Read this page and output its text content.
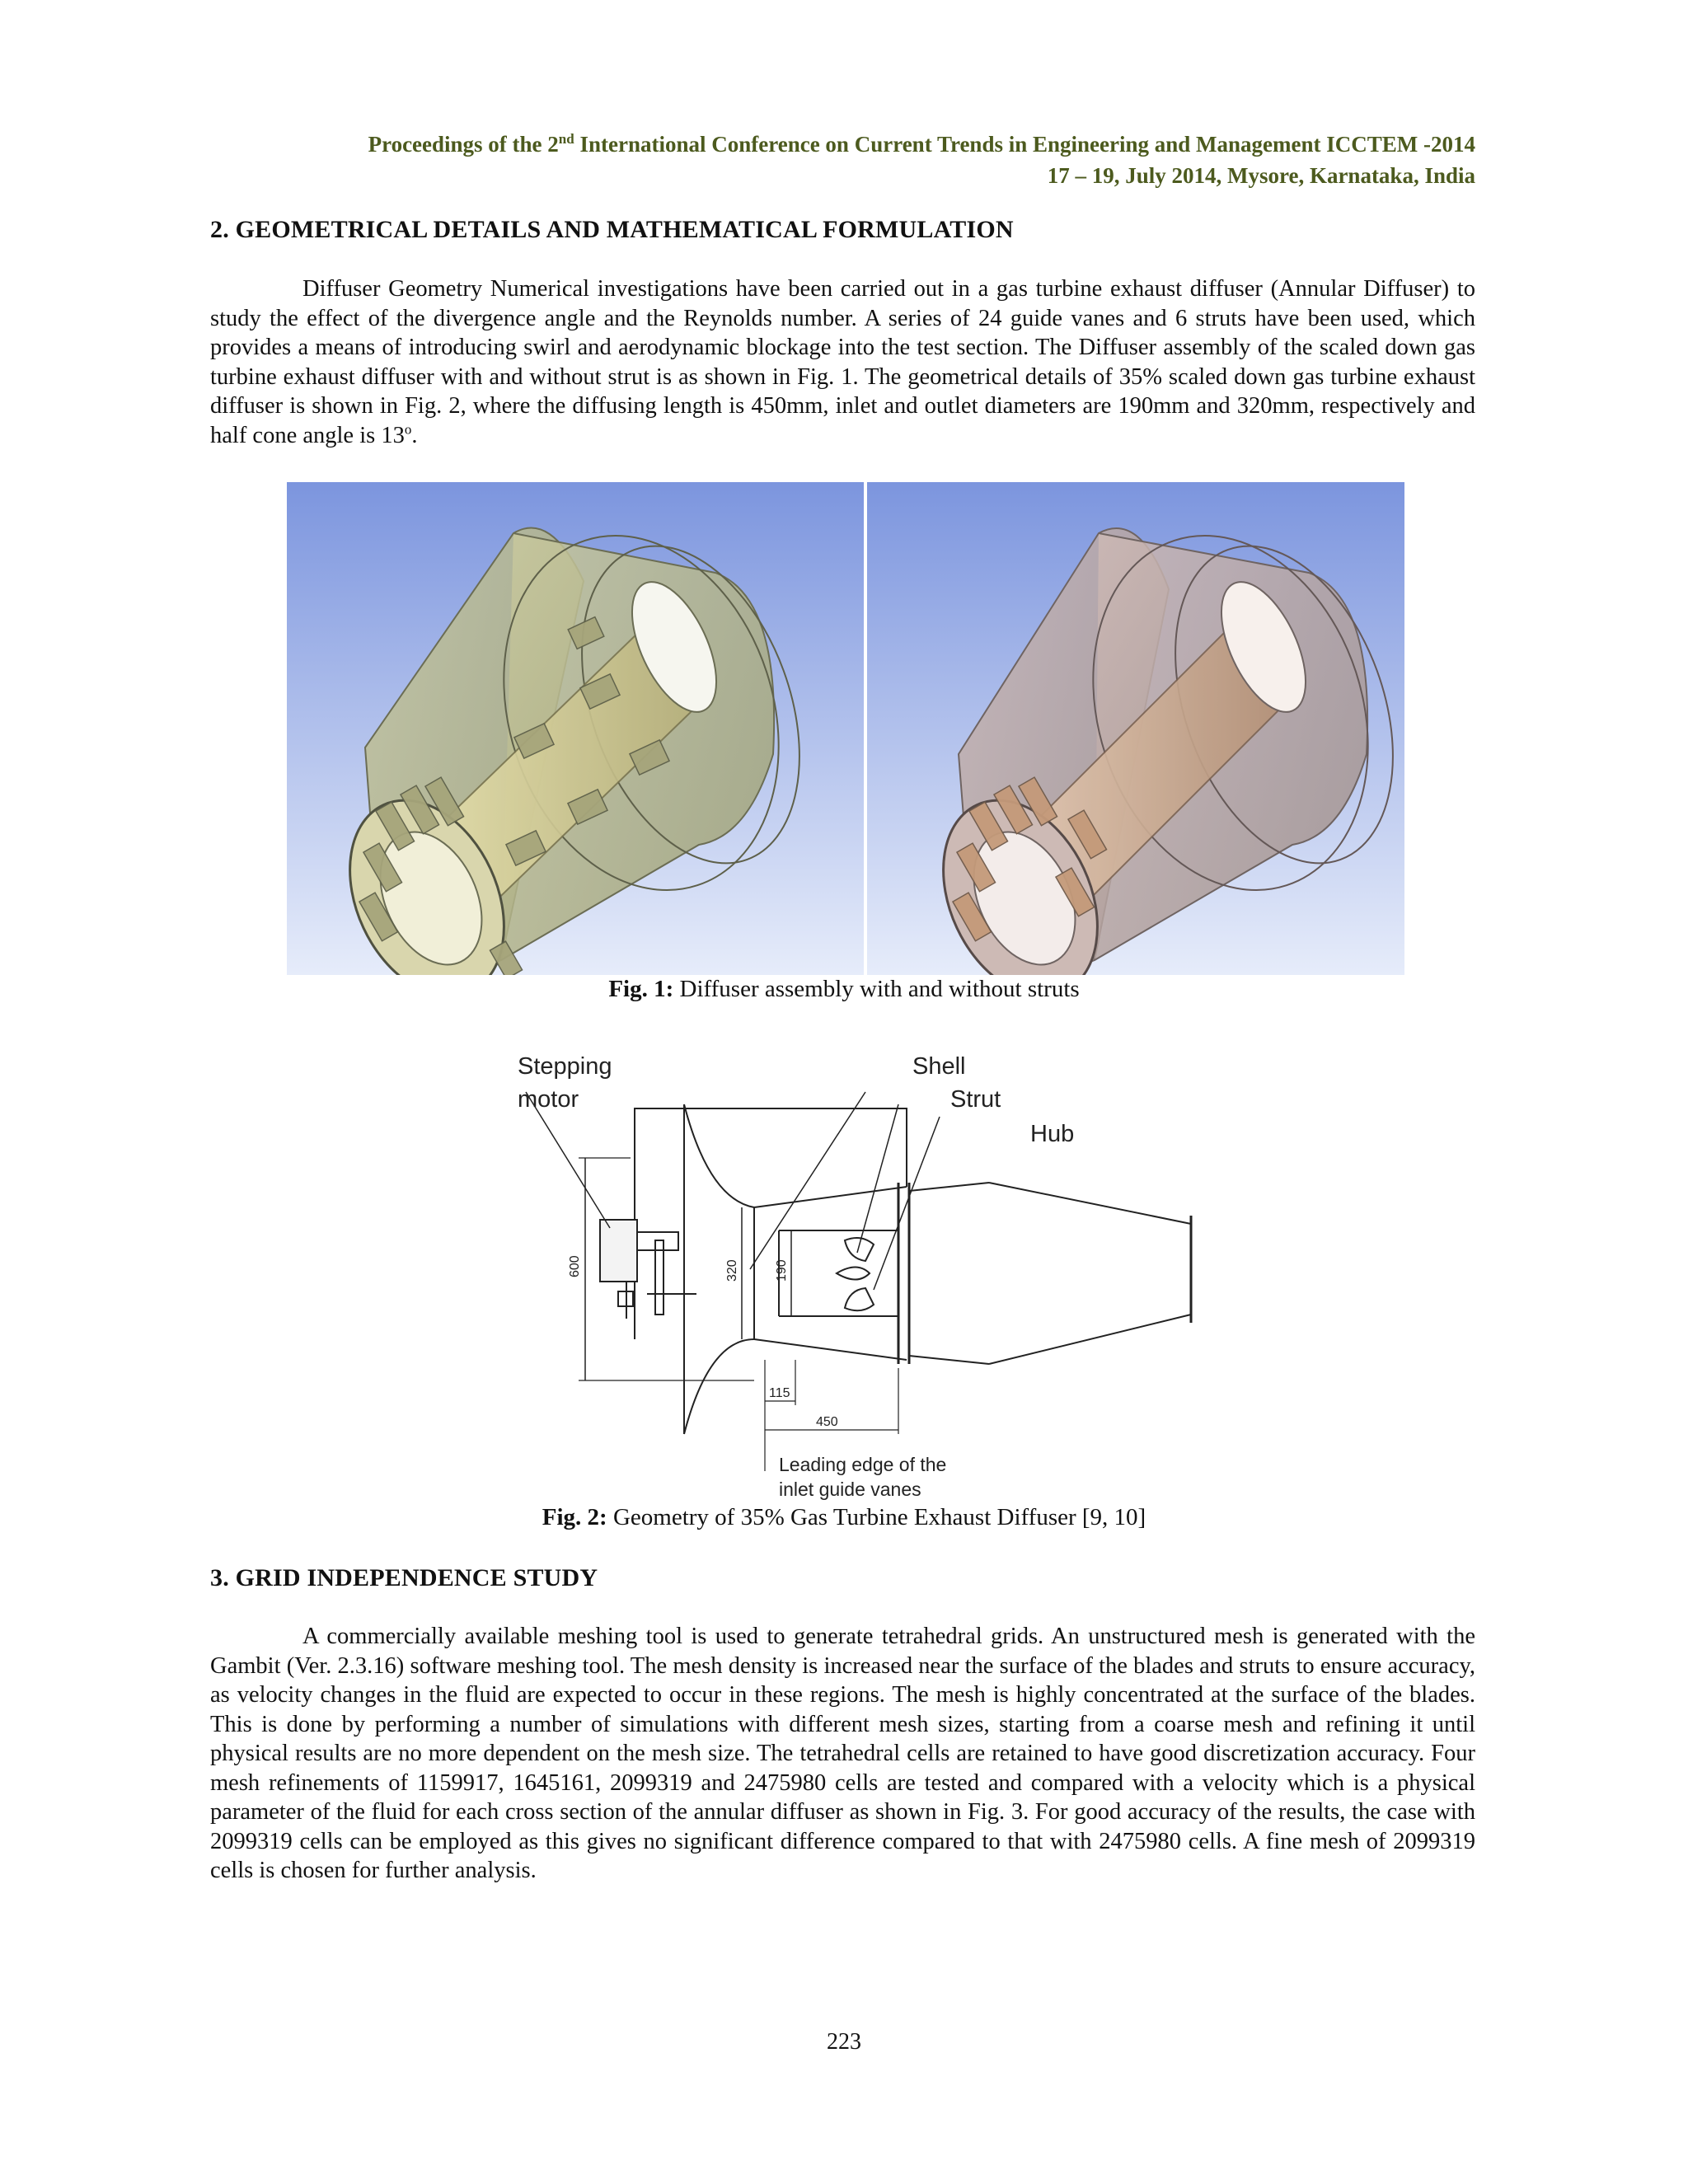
Proceedings of the 2nd International Conference on Current Trends in Engineering and Management ICCTEM -2014
17 – 19, July 2014, Mysore, Karnataka, India
2. GEOMETRICAL DETAILS AND MATHEMATICAL FORMULATION
Diffuser Geometry Numerical investigations have been carried out in a gas turbine exhaust diffuser (Annular Diffuser) to study the effect of the divergence angle and the Reynolds number. A series of 24 guide vanes and 6 struts have been used, which provides a means of introducing swirl and aerodynamic blockage into the test section. The Diffuser assembly of the scaled down gas turbine exhaust diffuser with and without strut is as shown in Fig. 1. The geometrical details of 35% scaled down gas turbine exhaust diffuser is shown in Fig. 2, where the diffusing length is 450mm, inlet and outlet diameters are 190mm and 320mm, respectively and half cone angle is 13$^o$.
Fig. 1: Diffuser assembly with and without struts
Stepping
motor
Shell
Strut
Hub
600	320	190
115
450
Leading edge of the
inlet guide vanes
Fig. 2: Geometry of 35% Gas Turbine Exhaust Diffuser [9, 10]
3. GRID INDEPENDENCE STUDY
A commercially available meshing tool is used to generate tetrahedral grids. An unstructured mesh is generated with the Gambit (Ver. 2.3.16) software meshing tool. The mesh density is increased near the surface of the blades and struts to ensure accuracy, as velocity changes in the fluid are expected to occur in these regions. The mesh is highly concentrated at the surface of the blades. This is done by performing a number of simulations with different mesh sizes, starting from a coarse mesh and refining it until physical results are no more dependent on the mesh size. The tetrahedral cells are retained to have good discretization accuracy. Four mesh refinements of 1159917, 1645161, 2099319 and 2475980 cells are tested and compared with a velocity which is a physical parameter of the fluid for each cross section of the annular diffuser as shown in Fig. 3. For good accuracy of the results, the case with 2099319 cells can be employed as this gives no significant difference compared to that with 2475980 cells. A fine mesh of 2099319 cells is chosen for further analysis.
223
